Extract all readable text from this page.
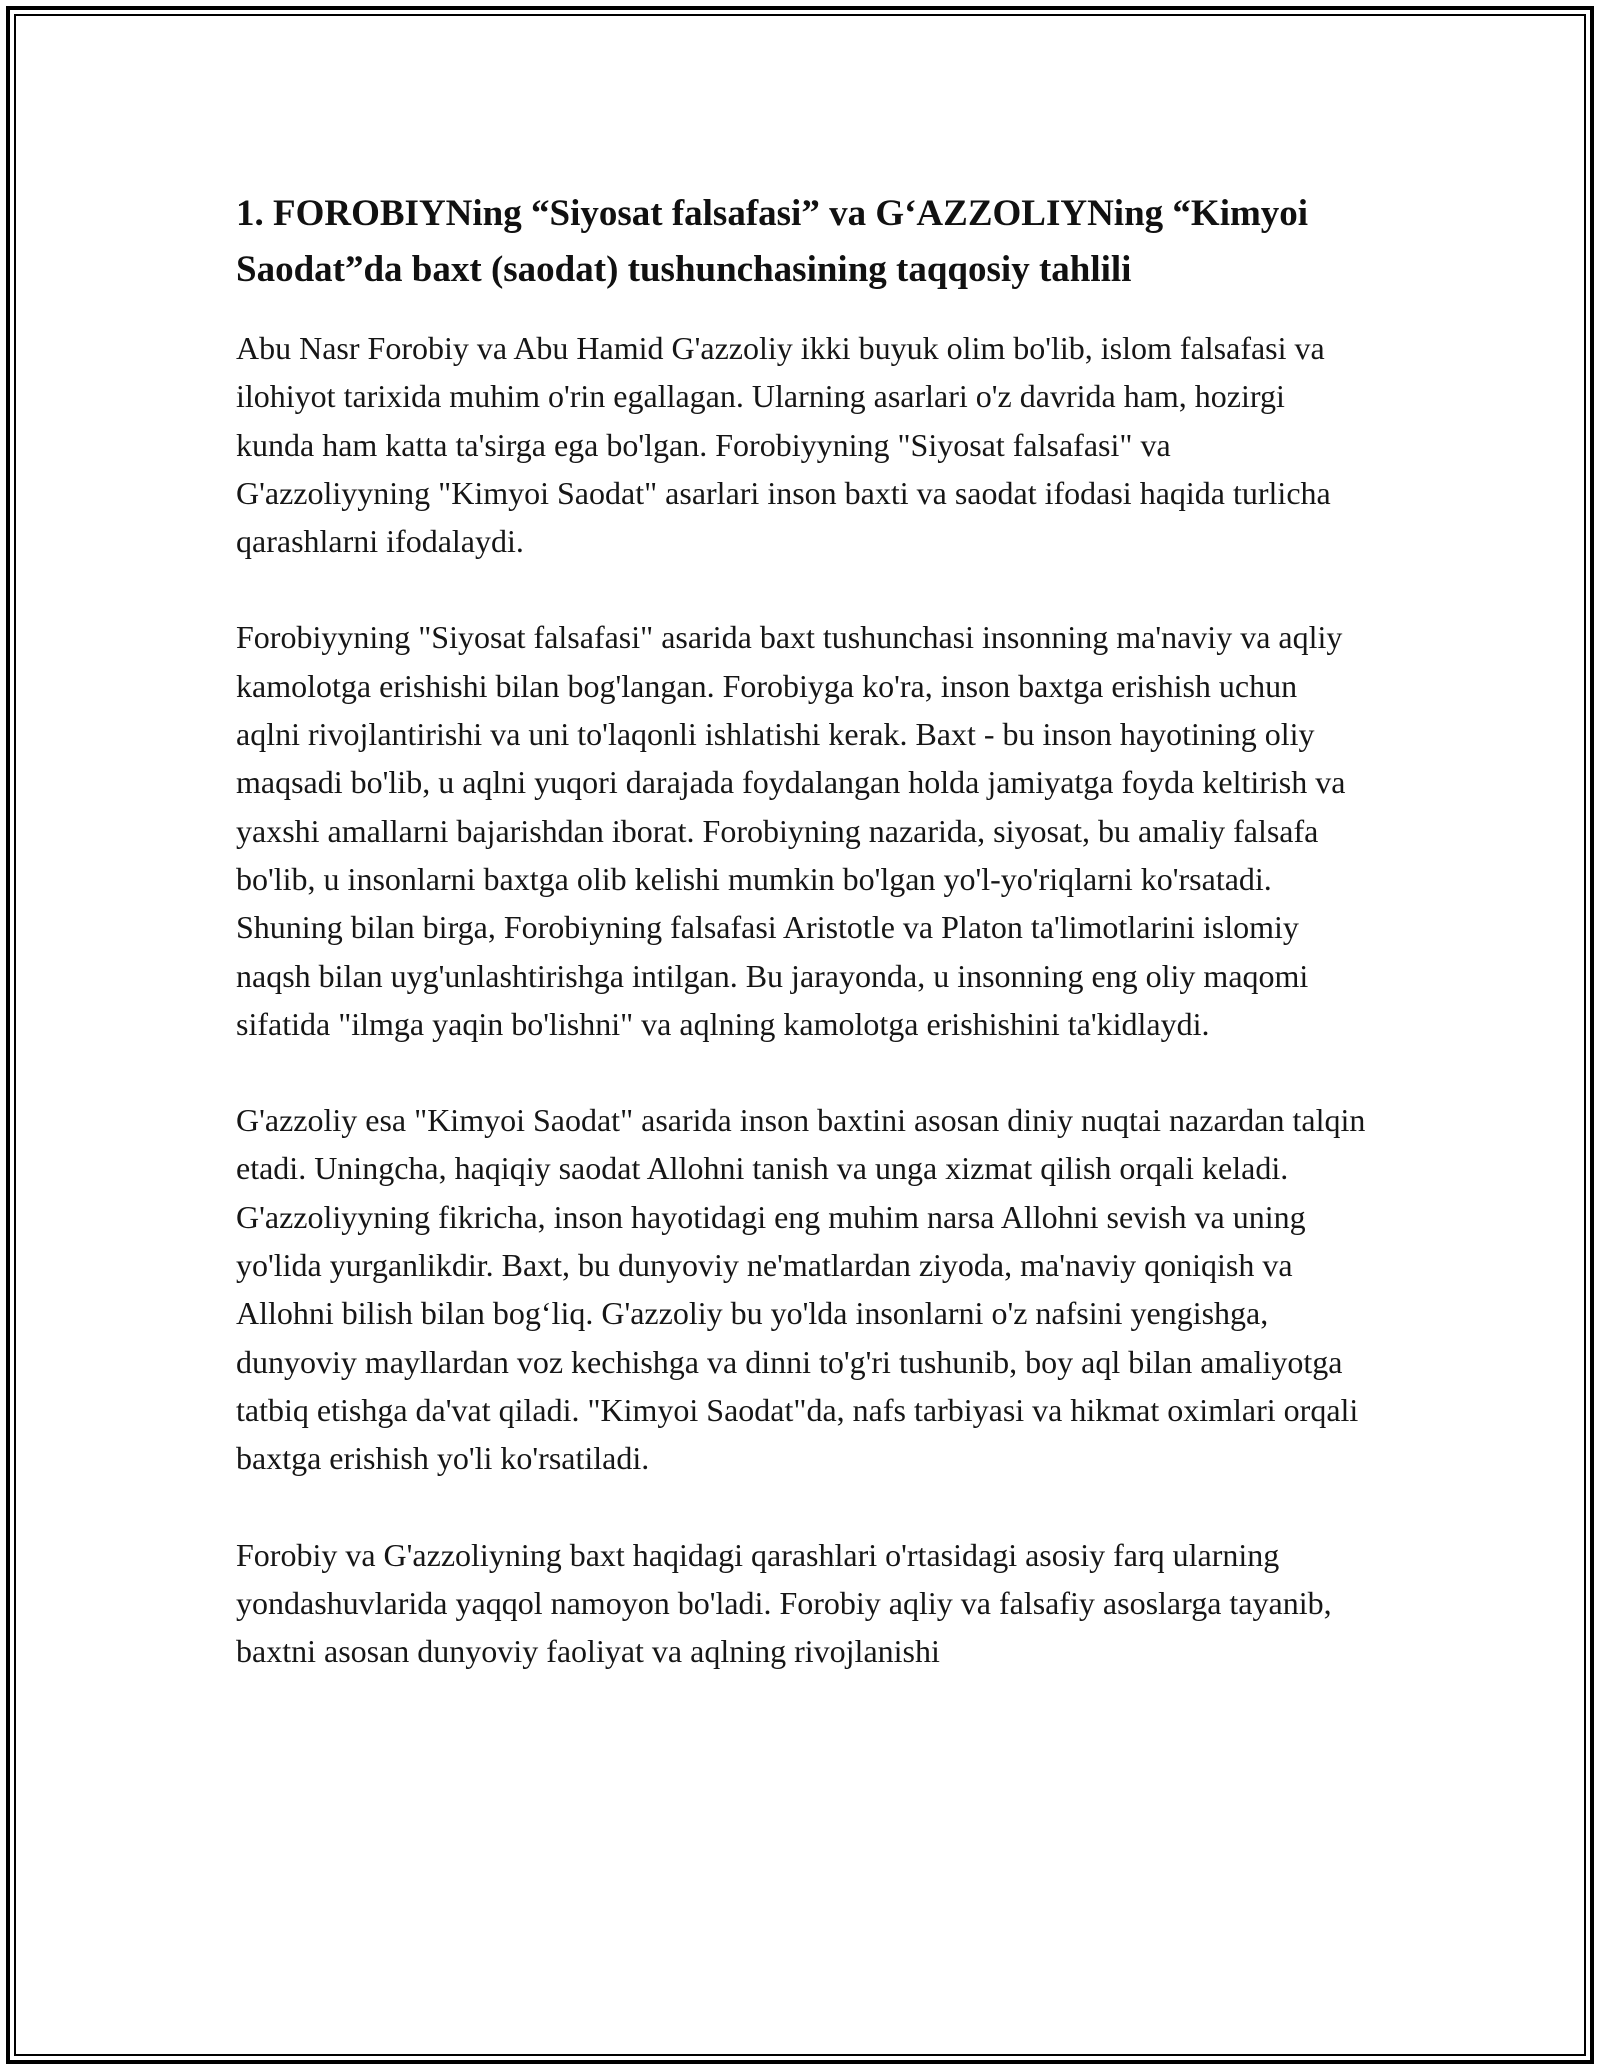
1. FOROBIYNing “Siyosat falsafasi” va G‘AZZOLIYNing “Kimyoi Saodat”da baxt (saodat) tushunchasining taqqosiy tahlili

Abu Nasr Forobiy va Abu Hamid G'azzoliy ikki buyuk olim bo'lib, islom falsafasi va ilohiyot tarixida muhim o'rin egallagan. Ularning asarlari o'z davrida ham, hozirgi kunda ham katta ta'sirga ega bo'lgan. Forobiyyning "Siyosat falsafasi" va G'azzoliyyning "Kimyoi Saodat" asarlari inson baxti va saodat ifodasi haqida turlicha qarashlarni ifodalaydi.

Forobiyyning "Siyosat falsafasi" asarida baxt tushunchasi insonning ma'naviy va aqliy kamolotga erishishi bilan bog'langan. Forobiyga ko'ra, inson baxtga erishish uchun aqlni rivojlantirishi va uni to'laqonli ishlatishi kerak. Baxt - bu inson hayotining oliy maqsadi bo'lib, u aqlni yuqori darajada foydalangan holda jamiyatga foyda keltirish va yaxshi amallarni bajarishdan iborat. Forobiyning nazarida, siyosat, bu amaliy falsafa bo'lib, u insonlarni baxtga olib kelishi mumkin bo'lgan yo'l-yo'riqlarni ko'rsatadi. Shuning bilan birga, Forobiyning falsafasi Aristotle va Platon ta'limotlarini islomiy naqsh bilan uyg'unlashtirishga intilgan. Bu jarayonda, u insonning eng oliy maqomi sifatida "ilmga yaqin bo'lishni" va aqlning kamolotga erishishini ta'kidlaydi.

G'azzoliy esa "Kimyoi Saodat" asarida inson baxtini asosan diniy nuqtai nazardan talqin etadi. Uningcha, haqiqiy saodat Allohni tanish va unga xizmat qilish orqali keladi. G'azzoliyyning fikricha, inson hayotidagi eng muhim narsa Allohni sevish va uning yo'lida yurganlikdir. Baxt, bu dunyoviy ne'matlardan ziyoda, ma'naviy qoniqish va Allohni bilish bilan bog‘liq. G'azzoliy bu yo'lda insonlarni o'z nafsini yengishga, dunyoviy mayllardan voz kechishga va dinni to'g'ri tushunib, boy aql bilan amaliyotga tatbiq etishga da'vat qiladi. "Kimyoi Saodat"da, nafs tarbiyasi va hikmat oximlari orqali baxtga erishish yo'li ko'rsatiladi.

Forobiy va G'azzoliyning baxt haqidagi qarashlari o'rtasidagi asosiy farq ularning yondashuvlarida yaqqol namoyon bo'ladi. Forobiy aqliy va falsafiy asoslarga tayanib, baxtni asosan dunyoviy faoliyat va aqlning rivojlanishi
